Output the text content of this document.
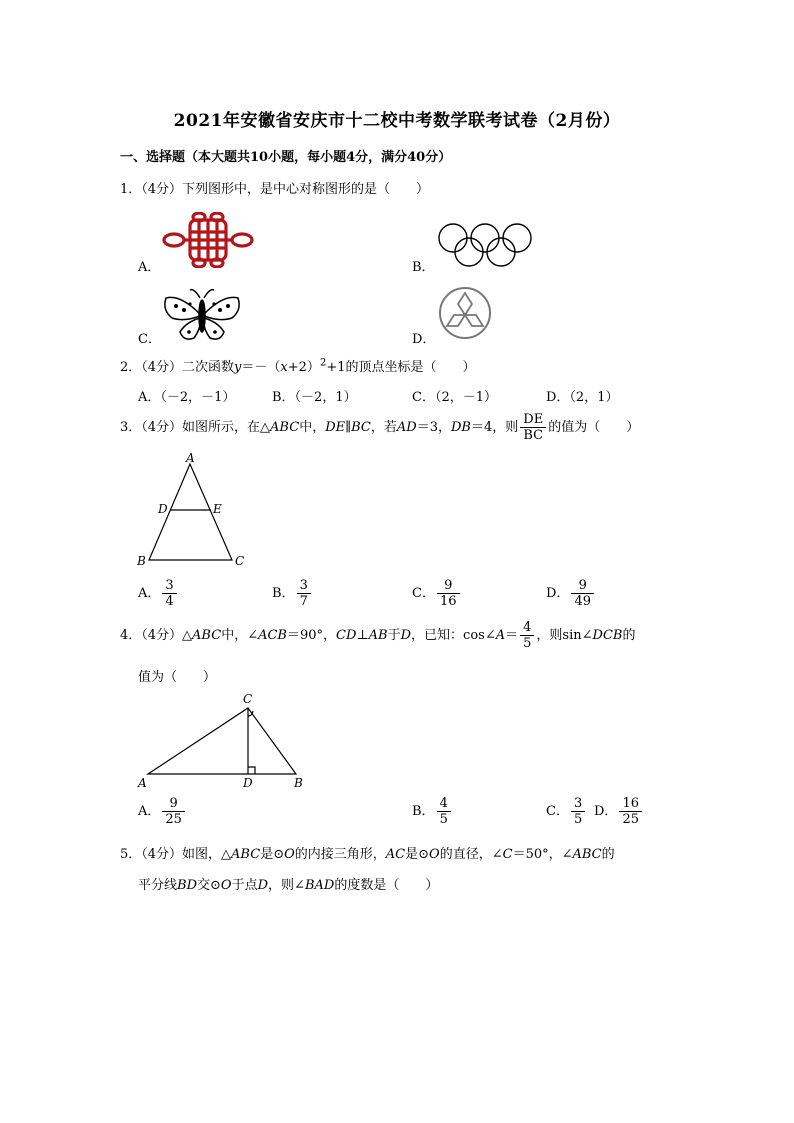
2021年安徽省安庆市十二校中考数学联考试卷（2月份）
一、选择题（本大题共10小题，每小题4分，满分40分）
1．（4分）下列图形中，是中心对称图形的是（　　）
A．	B．
C．	D．
2．（4分）二次函数$y=-(x+2)^2+1$的顶点坐标是（　　）
A．（－2，－1）	B．（－2，1）	C．（2，－1）	D．（2，1）
3．（4分）如图所示，在△ABC中，DE∥BC，若AD＝3，DB＝4，则 $\frac{DE}{BC}$ 的值为（　　）
A
D	E
B	C
A． $\frac{3}{4}$	B． $\frac{3}{7}$	C． $\frac{9}{16}$	D． $\frac{9}{49}$
4．（4分）△ABC中，∠ACB＝90°，CD⊥AB于D，已知：cos∠A＝ $\frac{4}{5}$ ，则sin∠DCB的
值为（　　）
C
A	D	B
A． $\frac{9}{25}$	B． $\frac{4}{5}$	C． $\frac{3}{5}$ D． $\frac{16}{25}$
5．（4分）如图，△ABC是⊙O的内接三角形，AC是⊙O的直径，∠C＝50°，∠ABC的
平分线BD交⊙O于点D，则∠BAD的度数是（　　）
